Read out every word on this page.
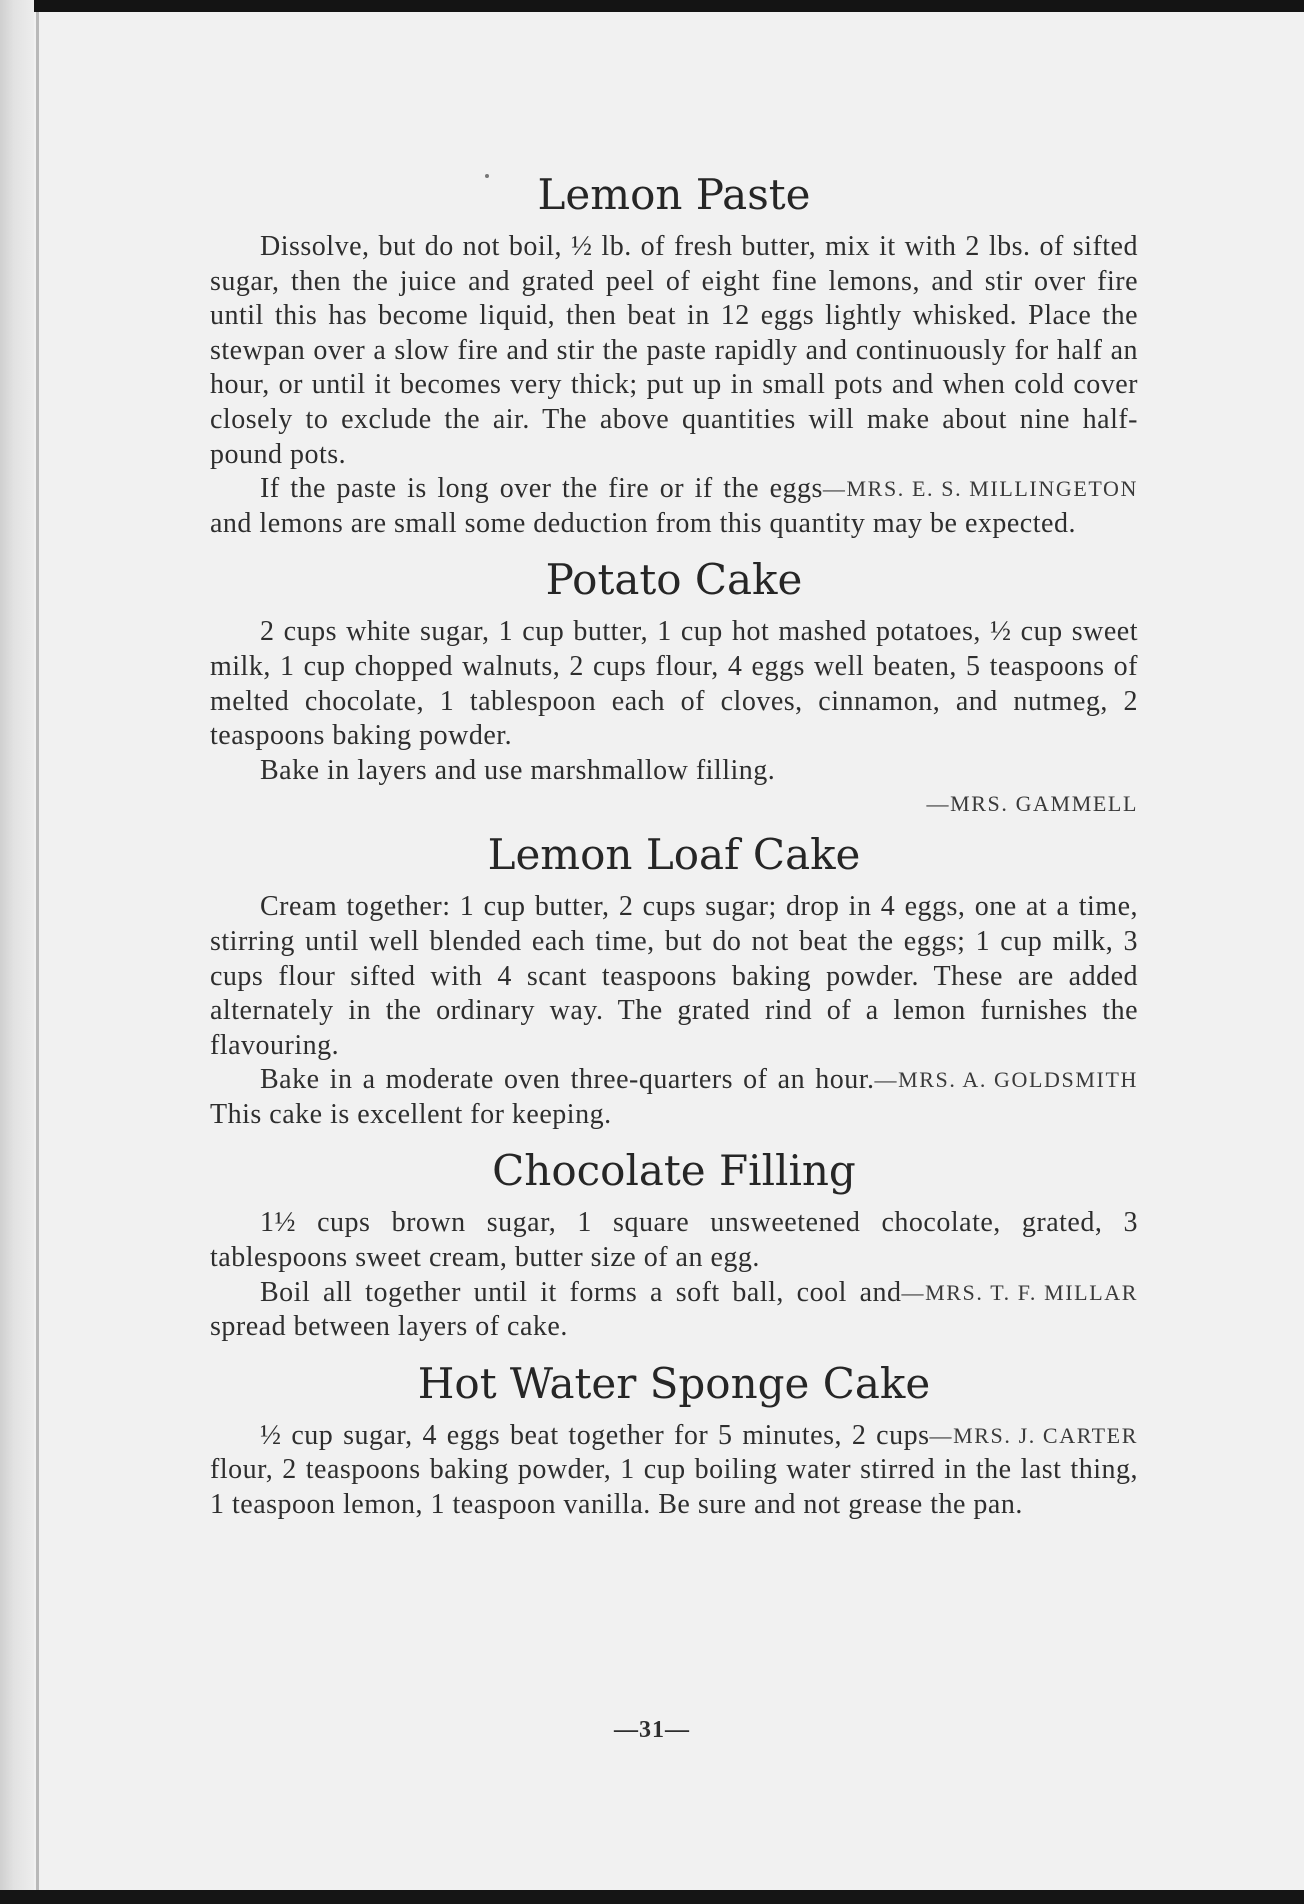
Lemon Paste

Dissolve, but do not boil, ½ lb. of fresh butter, mix it with 2 lbs. of sifted sugar, then the juice and grated peel of eight fine lemons, and stir over fire until this has become liquid, then beat in 12 eggs lightly whisked. Place the stewpan over a slow fire and stir the paste rapidly and continuously for half an hour, or until it becomes very thick; put up in small pots and when cold cover closely to exclude the air. The above quantities will make about nine half-pound pots.

—MRS. E. S. MILLINGETON
If the paste is long over the fire or if the eggs and lemons are small some deduction from this quantity may be expected.

Potato Cake

2 cups white sugar, 1 cup butter, 1 cup hot mashed potatoes, ½ cup sweet milk, 1 cup chopped walnuts, 2 cups flour, 4 eggs well beaten, 5 teaspoons of melted chocolate, 1 tablespoon each of cloves, cinnamon, and nutmeg, 2 teaspoons baking powder.

Bake in layers and use marshmallow filling.

—MRS. GAMMELL
Lemon Loaf Cake

Cream together: 1 cup butter, 2 cups sugar; drop in 4 eggs, one at a time, stirring until well blended each time, but do not beat the eggs; 1 cup milk, 3 cups flour sifted with 4 scant teaspoons baking powder. These are added alternately in the ordinary way. The grated rind of a lemon furnishes the flavouring.

—MRS. A. GOLDSMITH
Bake in a moderate oven three-quarters of an hour. This cake is excellent for keeping.

Chocolate Filling

1½ cups brown sugar, 1 square unsweetened chocolate, grated, 3 tablespoons sweet cream, butter size of an egg.

—MRS. T. F. MILLAR
Boil all together until it forms a soft ball, cool and spread between layers of cake.

Hot Water Sponge Cake

—MRS. J. CARTER
½ cup sugar, 4 eggs beat together for 5 minutes, 2 cups flour, 2 teaspoons baking powder, 1 cup boiling water stirred in the last thing, 1 teaspoon lemon, 1 teaspoon vanilla. Be sure and not grease the pan.

—31—
